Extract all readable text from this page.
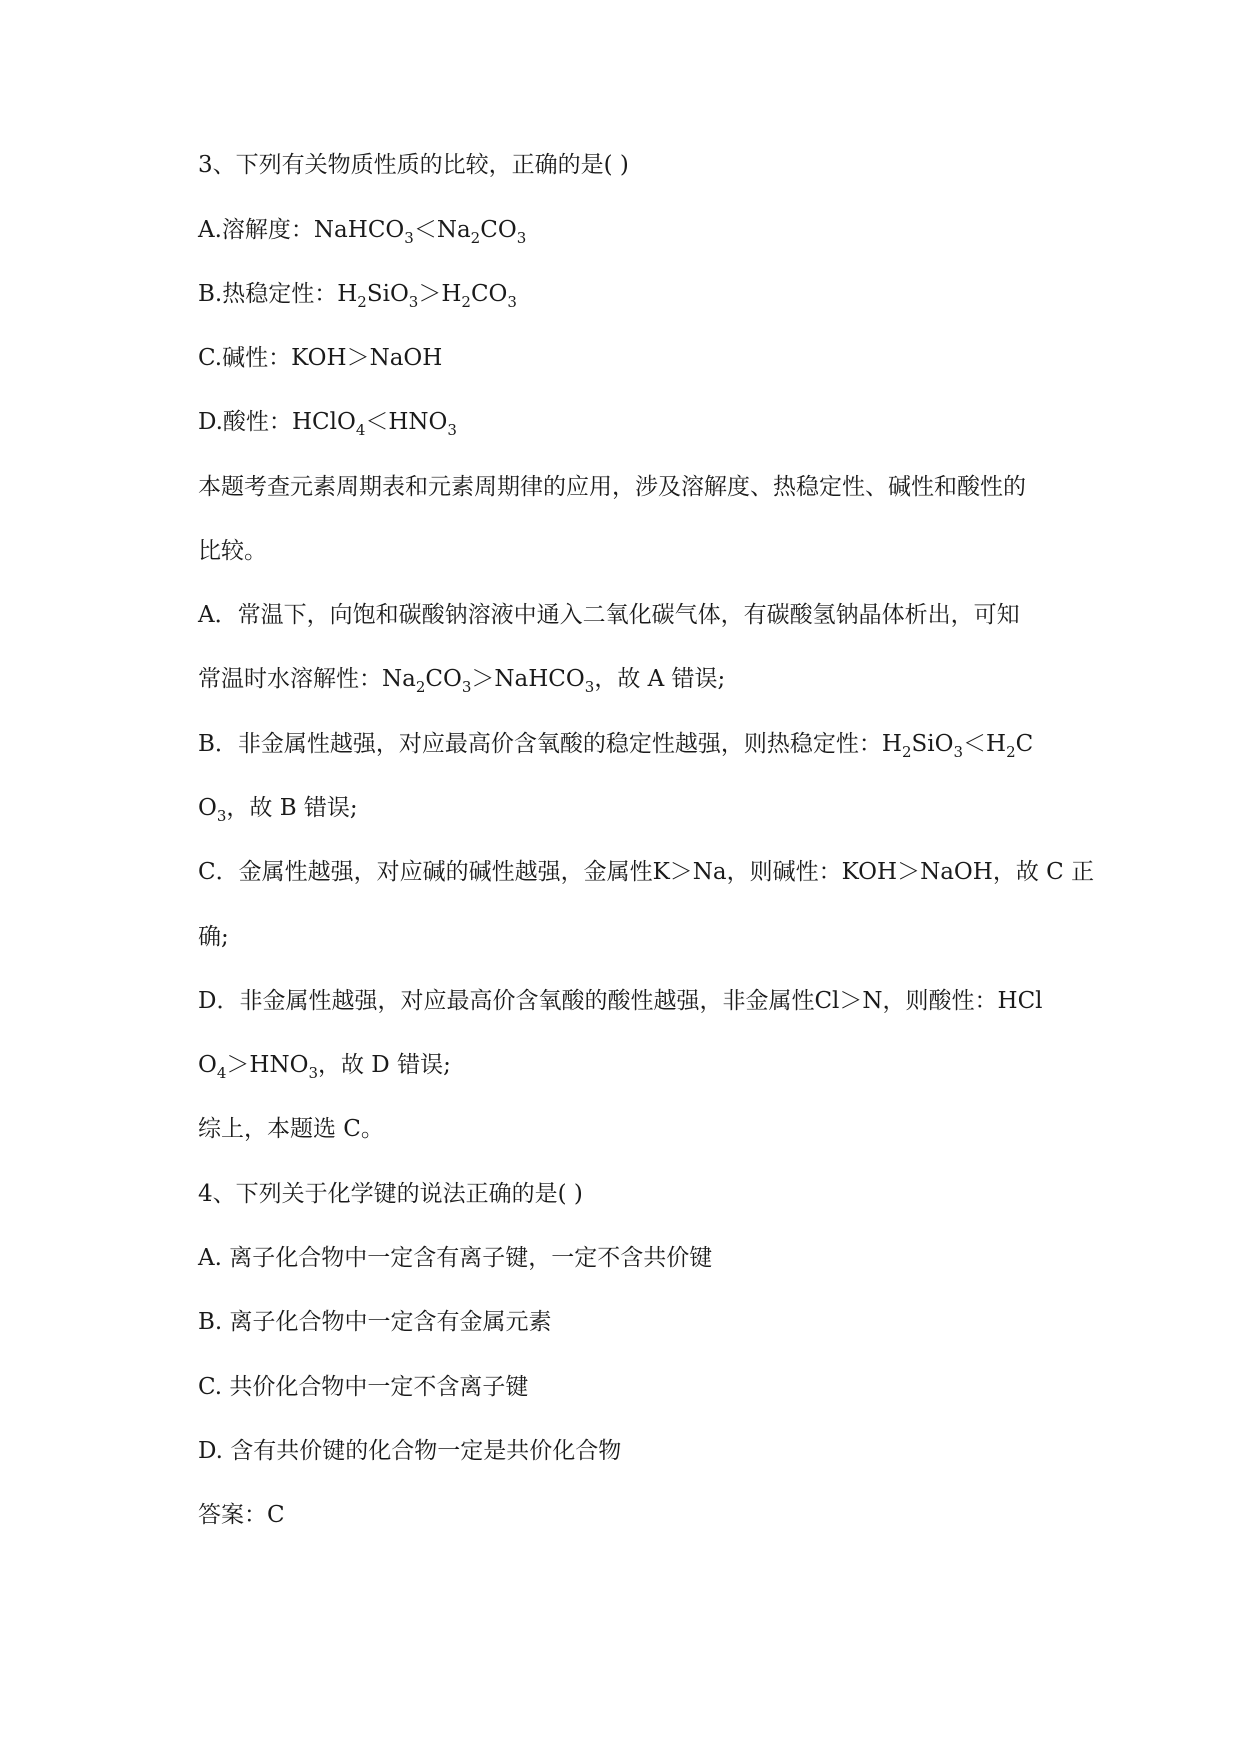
3、下列有关物质性质的比较，正确的是( )
A.溶解度：$NaHCO_3<Na_2CO_3$
B.热稳定性：$H_2SiO_3>H_2CO_3$
C.碱性：KOH＞NaOH
D.酸性：$HClO_4<HNO_3$
本题考查元素周期表和元素周期律的应用，涉及溶解度、热稳定性、碱性和酸性的
比较。
A．常温下，向饱和碳酸钠溶液中通入二氧化碳气体，有碳酸氢钠晶体析出，可知
常温时水溶解性：$Na_2CO_3>NaHCO_3$，故 A 错误;
B．非金属性越强，对应最高价含氧酸的稳定性越强，则热稳定性：$H_2SiO_3<H_2C$
$O_3$，故 B 错误;
C．金属性越强，对应碱的碱性越强，金属性K＞Na，则碱性：KOH＞NaOH，故 C 正
确;
D．非金属性越强，对应最高价含氧酸的酸性越强，非金属性Cl＞N，则酸性：HCl
$O_4>HNO_3$，故 D 错误;
综上，本题选 C。
4、下列关于化学键的说法正确的是( )
A. 离子化合物中一定含有离子键，一定不含共价键
B. 离子化合物中一定含有金属元素
C. 共价化合物中一定不含离子键
D. 含有共价键的化合物一定是共价化合物
答案：C
